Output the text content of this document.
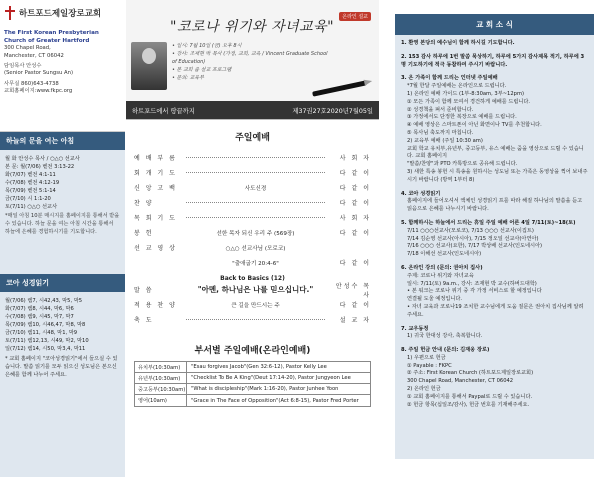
하트포드제일장로교회
The First Korean Presbyterian
Church of Greater Hartford
300 Chapel Road,
Manchester, CT 06042
담임목사 안성수
(Senior Pastor Sungsu An)
사무실 860)643-4738
교회홈페이지:www.fkpc.org
하늘의 문을 여는 아침
월 화 안성수 목사 / ○△○ 선교사
본 문: 월(7/06) 벧전 3:13-22
화(7/07) 벧전 4:1-11
수(7/08) 벧전 4:12-19
목(7/09) 벧전 5:1-14
금(7/10) 시 1:1-20
토(7/11) ○△○ 선교사
*매일 아침 10분 매시지를 홈페이지를 통해서 받을 수 있습니다. 하늘 문을 여는 아침 시간을 통해서 하늘에 은혜를 경험하시기를 기도합니다.
코아 성경읽기
월(7/06) 렘7, 시42,43, 막5, 막5
화(7/07) 렘8, 시44, 막6, 막6
수(7/08) 렘9, 시45, 막7, 막7
목(7/09) 렘10, 시46,47, 막8, 막8
금(7/10) 렘11, 시48, 막1, 막9
토(7/11) 렘12,13, 시49, 막2, 막10
일(7/12) 렘14, 시50, 막3,4, 막11
* 교회 홈페이지 "코아성경읽기"에서 들으실 수 있습니다. 말씀 읽기를 모두 읽으신 성도님은 본으신 은혜를 함께 나누어 주세요.
온라인 설교
"코로나 위기와 자녀교육"
• 일시: 7월 10일 (금) 오후 8시
• 강사: 조재현 박 목사 (가정, 교회, 교육 / Vincent Graduate School of Education)
• 본 교회 줌 설교 프로그램
• 문의: 교육부
하트포드에서 땅끝까지	제37권27호2020년7월05일
주일예배
예 배 부 름	사 회 자
회 개 기 도	다 같 이
신 앙 고 백	사도신경	다 같 이
찬 양	다 같 이
목 회 기 도	사 회 자
봉 헌	선한 목자 되신 우리 주 (569장)	다 같 이
선 교 영 상	○△○ 선교사님 (모로코)
"출애굽기 20:4-6"	다 같 이
Back to Basics (12)
말 씀	"아멘, 하나님은 나를 믿으십니다."	안성수 목사
적 용 찬 양	큰 길을 만드시는 주	다 같 이
축 도	설 교 자
부서별 주일예배(온라인예배)
유치부(10:30am)	"Esau forgives Jacob"(Gen 32:6-12), Pastor Kelly Lee
유년부(10:30am)	"Checklist To Be A King"(Deut 17:14-20), Pastor Jungyeon Lee
중고등부(10:30am)	"What is discipleship"(Mark 1:16-20), Pastor Junhee Yoon
영어(10am)	"Grace in The Face of Opposition"(Act 6:8-15), Pastor Fred Porter
교 회 소 식
1. 환영 본당의 예수님이 함께 하시길 기도합니다.
2. 153 감사 하루에 1번 말씀 묵상하기, 하루에 5가지 감사제목 적기, 하루에 3명 기도하기에 적극 동참하여 주시기 바랍니다.
3. 온 가족이 함께 드리는 인터넷 주일예배
*7월 한달 주일예배는 온라인으로 드립니다.
1) 온라인 예배 가이드 (1부-8:30am, 3부~12pm)
① 모든 가족이 함께 모여서 경건하게 예배를 드립니다.
② 성경책을 펴서 준비합니다.
③ 가정에서도 단정한 복장으로 예배를 드립니다.
④ 예배 영상은 스마트폰이 아닌 화면이나 TV를 추천합니다.
⑤ 목사님 축도까지 마칩니다.
2) 교육부 예배 (주일 10:30 am)
교회 학교 유치부,유년부, 중고등부, 유스 예배는 줌을 영상으로 드릴 수 있습니다. 교회 홈페이지
"말씀/찬양"과 PTO 카톡방으로 공유해 드립니다.
3) 새한 특송 봉헌 시 특송을 원하시는 성도님 또는 가족은 동영상을 찍어 보내주시기 바랍니다 (방역 1부터 8)
4. 코아 성경읽기
홈페이지에 들어오셔서 액체인 성경읽기 프를 따라 해질 하나님의 말씀을 듣고 읽음으로 은혜를 나누시기 바랍니다.
5. 함께하시는 하늘에서 드리는 휴일 주일 예배 어른 4일 7/11(토)~18(토)
7/11 ○○○선교사(모로코), 7/13 ○○○ 선교사(이집트)
7/14 김순영 선교사(아시아), 7/15 정오일 선교사(아연아)
7/16 ○○○ 선교사(요한), 7/17 박상배 선교사(인도네시아)
7/18 이해선 선교사(인도네시아)
6. 온라인 강의 (문의: 권아치 집사)
주제: 코로나 위기와 자녀교육
일시: 7/11(토) 9a.m., 강사: 조재현 박 교수(하버드대학)
• 본 워크는 코로나 위기 중 각 가정 서비스로 할 예정입니다
연결될 도울 예정입니다.
• 자녀 교육과 코로나19 조치한 교수님에게 도움 질문은 권아치 집사님께 알려주세요.
7. 교우동정
1) 귀국 한대성 강사, 축복합니다.
8. 주일 헌금 안내 (문의: 김재웅 장로)
1) 우편으로 헌금
① Payable : FKPC
② 주소: First Korean Church (하트포드제일장로교회)
300 Chapel Road, Manchester, CT 06042
2) 온라인 헌금
① 교회 홈페이지를 통해서 Paypal로 드릴 수 있습니다.
② 헌금 항목(십일조/감사), 헌금 번호를 기재해주세요.
